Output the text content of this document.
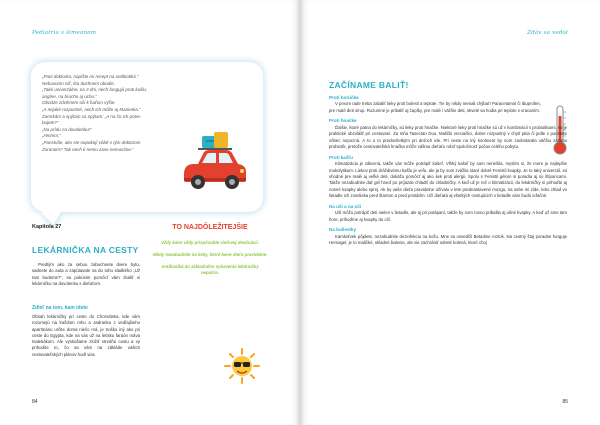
Pediatria v šimeanom

„Pani doktorka, napíšte mi recept na antibiotiká.“

Nebavorim nič, iba duchnem obodie.

„Takė univerzálne, na 3 dni, nech fungujú proti kašlu,

angíne, na brucho aj uchu.“

Obodze zdvihnem oči k ľuďom výšie.

„A nejaké rozpustné, nech ich môže aj Marienka.“

Zamrkám a spýtam sa spýtam: „A na čo ich potre-

bujete?“

„Na prídu na dovolenku!“

„Hmmm.“

„Panstvâe, ako ste napokojí vôbě s tým doktorom

Zoranom? Tak nech k nemu zase nemusíme.“

Kapitola 27
LEKÁRNIČKA NA CESTY

Predtým ako za sebou zabuchnete dvere bytu, sadnete do auta a zapútavate sa do toho sladkého „Už tam budeme?“, sa pokúsim pomôcť vám zbaliť si lekárničku na dovolenku s dieťaťom.

Zdieľ na tom, kam idete

Obsah lekárničky pri ceste do Chorvátska, kde vám rozumejú na každom rohu a Jadranka z vedľajšieho apartmánu určite doma niečo má, je trošku iný ako pri ceste do Egypta, kde na vás už na letisku faraón máva tsaletiákom. Ale vyskúšame zložiť stredňú cestu a vy prihodíte to, čo sa vám na zákláde vašich cestovateľských plánov hodí viac.

TO NAJDÔLEŽITEJŠIE

Vždy kalor vždy prispôsobte cieľovej destinácii.

Nikdy nezabudnite na lieky, ktoré berie dieťa pravidelne.

Antibiotiká do základného vybavenia lekárničky nepatria.

84
Zdáv sa vedol
ZAČÍNAME BALIŤ!
Proti horúčke

V prvom rade treba zabaliť lieky proti bolesti a teplote. Tie by nikdy nemali chýbať! Paracetamol či Ibuprofen, pre malé deti sirup. Rozumné je pribaliť aj čapíky, pre malé i väčšie deti, skvelé sa hodia pri teplote s vracaním.

Proti hnačke

Ďalšie, ktoré patria do lekárničky, sú lieky proti hnačke. Niektoré lieky proti hnačke sú už v kombinácii s probiotikami, čo je praktické obzvlášť pri cestovaní. Za mňa Tasectan Duo. Malički vreciačko, dobre rozpustný v chytí pitia či jedle v podstate vôbec nepozná. A to o to predovšetkým pri deťoch ide. Pri ceste na iný kontinent by som zaobstarala väčšiu zásobu probiotík, pretože cestovateľská hnačka môže vášmu dieťaťu robiť spoločnosť počas celého pobytu.

Proti kašľu

Klimatizácia je zákerná, takže vás môže potrápiť kašeľ. Vlhký kašeľ by som neriešila, myslím si, že more je najlepšie mukolytikum. Liekov proti dráždivému kašľu je veľa, ale ja by som zvážila staré dobré Fenistil kvapky. Je to taký univerzál, sú vhodné pre malé aj veľké deti, dokážu pomôcť aj ako liek proti alergii. Spolu s Fenistil gélom si poradia aj so štípancami. Takže nezabudnite dať gél hneď po príjazde chladiť do chladničky. A keď už je reč o klimatizácii, do lekárničky si prihoďte aj nosné kvapky alebo sprej. Ak by vaše dieťa pravidelne užívalo v lete prednastavené mozgu, na sebe mi zíde, lebo chlad vo lietadle ich zosvlieka pred štartom a pred pristátím. Učí dieťatá aj všetkých cestujúcich v lietadle vám budú vďačné.

Na uši a na oči

Uší môžu potrápiť deti nielen v lietadle, ale aj pri potápaní, takže by som rovno pribalila aj ušné kvapky. A keď už sme tam hore, prihoďme aj kvapky do očí.

Na boliestky

Kamkoľvek pôjdete, nezabudnite dezinfekciu na kožu. Mne sa osvedčil Betadine roztok. Na cestný štaj poradne funguje Hemagel, je to maličké, skladné balenie, ale vie zachrániť odreté kolená, ktoré choj

85
